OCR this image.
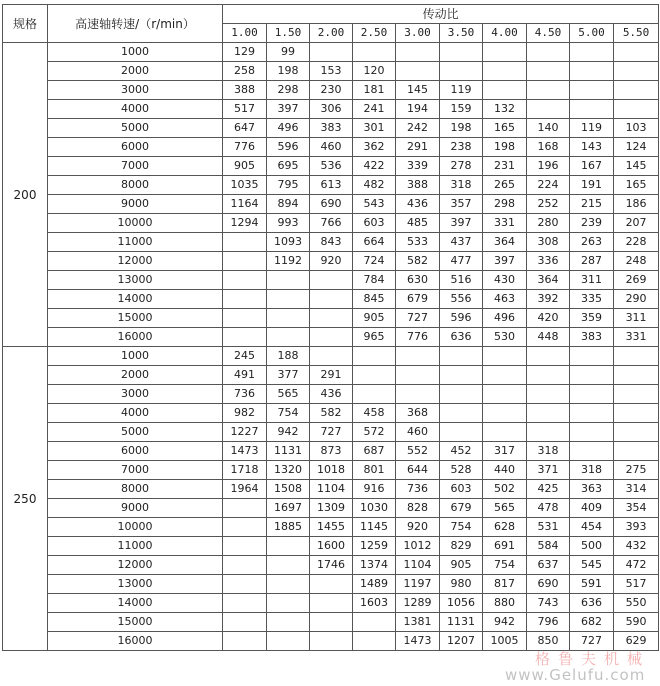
规格	高速轴转速/（r/min）	传动比									
		1.00	1.50	2.00	2.50	3.00	3.50	4.00	4.50	5.00	5.50
200	1000	129	99								
	2000	258	198	153	120						
	3000	388	298	230	181	145	119				
	4000	517	397	306	241	194	159	132			
	5000	647	496	383	301	242	198	165	140	119	103
	6000	776	596	460	362	291	238	198	168	143	124
	7000	905	695	536	422	339	278	231	196	167	145
	8000	1035	795	613	482	388	318	265	224	191	165
	9000	1164	894	690	543	436	357	298	252	215	186
	10000	1294	993	766	603	485	397	331	280	239	207
	11000		1093	843	664	533	437	364	308	263	228
	12000		1192	920	724	582	477	397	336	287	248
	13000				784	630	516	430	364	311	269
	14000				845	679	556	463	392	335	290
	15000				905	727	596	496	420	359	311
	16000				965	776	636	530	448	383	331
250	1000	245	188								
	2000	491	377	291							
	3000	736	565	436							
	4000	982	754	582	458	368					
	5000	1227	942	727	572	460					
	6000	1473	1131	873	687	552	452	317	318		
	7000	1718	1320	1018	801	644	528	440	371	318	275
	8000	1964	1508	1104	916	736	603	502	425	363	314
	9000		1697	1309	1030	828	679	565	478	409	354
	10000		1885	1455	1145	920	754	628	531	454	393
	11000			1600	1259	1012	829	691	584	500	432
	12000			1746	1374	1104	905	754	637	545	472
	13000				1489	1197	980	817	690	591	517
	14000				1603	1289	1056	880	743	636	550
	15000					1381	1131	942	796	682	590
	16000					1473	1207	1005	850	727	629
格鲁夫机械
www.Gelufu.com
